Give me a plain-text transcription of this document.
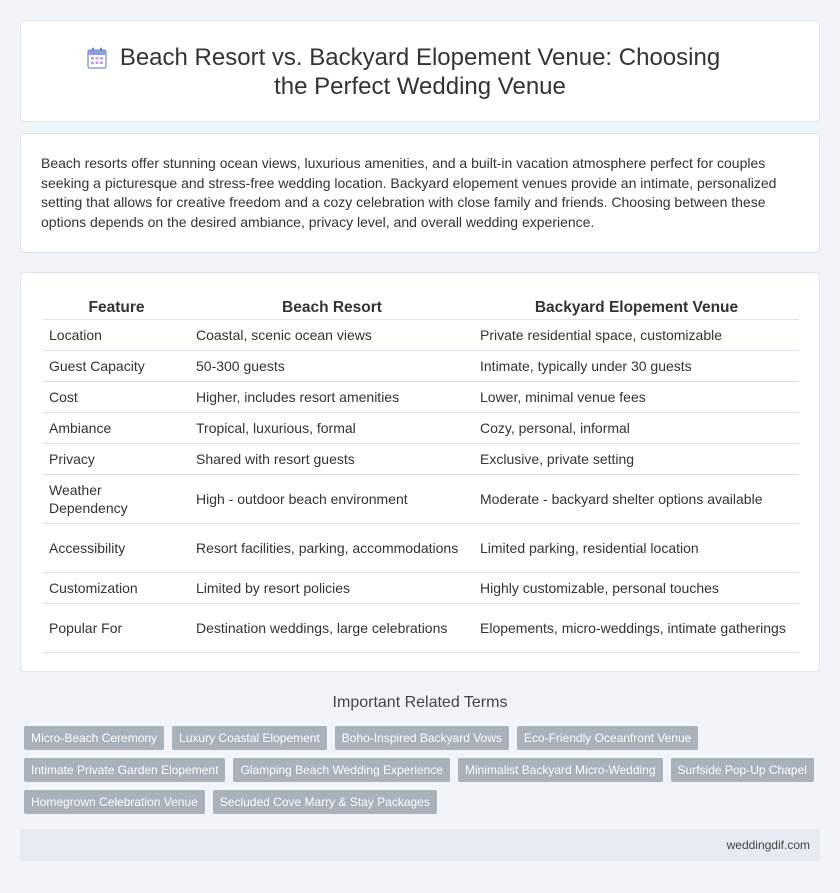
Beach Resort vs. Backyard Elopement Venue: Choosing the Perfect Wedding Venue

Beach resorts offer stunning ocean views, luxurious amenities, and a built-in vacation atmosphere perfect for couples seeking a picturesque and stress-free wedding location. Backyard elopement venues provide an intimate, personalized setting that allows for creative freedom and a cozy celebration with close family and friends. Choosing between these options depends on the desired ambiance, privacy level, and overall wedding experience.

Feature	Beach Resort	Backyard Elopement Venue
Location	Coastal, scenic ocean views	Private residential space, customizable
Guest Capacity	50-300 guests	Intimate, typically under 30 guests
Cost	Higher, includes resort amenities	Lower, minimal venue fees
Ambiance	Tropical, luxurious, formal	Cozy, personal, informal
Privacy	Shared with resort guests	Exclusive, private setting
Weather Dependency	High - outdoor beach environment	Moderate - backyard shelter options available
Accessibility	Resort facilities, parking, accommodations	Limited parking, residential location
Customization	Limited by resort policies	Highly customizable, personal touches
Popular For	Destination weddings, large celebrations	Elopements, micro-weddings, intimate gatherings
Important Related Terms
Micro-Beach Ceremony	Luxury Coastal Elopement	Boho-Inspired Backyard Vows	Eco-Friendly Oceanfront Venue
Intimate Private Garden Elopement	Glamping Beach Wedding Experience	Minimalist Backyard Micro-Wedding	Surfside Pop-Up Chapel
Homegrown Celebration Venue	Secluded Cove Marry & Stay Packages
weddingdif.com
